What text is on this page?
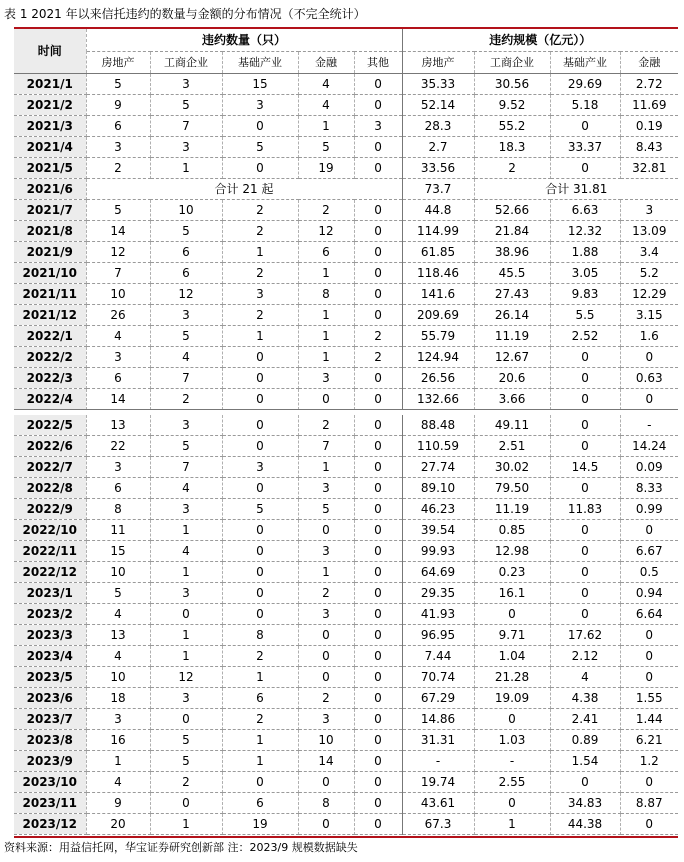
表 1 2021 年以来信托违约的数量与金额的分布情况（不完全统计）
时间	违约数量（只）					违约规模（亿元））			
	房地产	工商企业	基础产业	金融	其他	房地产	工商企业	基础产业	金融
2021/1	5	3	15	4	0	35.33	30.56	29.69	2.72
2021/2	9	5	3	4	0	52.14	9.52	5.18	11.69
2021/3	6	7	0	1	3	28.3	55.2	0	0.19
2021/4	3	3	5	5	0	2.7	18.3	33.37	8.43
2021/5	2	1	0	19	0	33.56	2	0	32.81
2021/6	合计 21 起					73.7	合计 31.81		
2021/7	5	10	2	2	0	44.8	52.66	6.63	3
2021/8	14	5	2	12	0	114.99	21.84	12.32	13.09
2021/9	12	6	1	6	0	61.85	38.96	1.88	3.4
2021/10	7	6	2	1	0	118.46	45.5	3.05	5.2
2021/11	10	12	3	8	0	141.6	27.43	9.83	12.29
2021/12	26	3	2	1	0	209.69	26.14	5.5	3.15
2022/1	4	5	1	1	2	55.79	11.19	2.52	1.6
2022/2	3	4	0	1	2	124.94	12.67	0	0
2022/3	6	7	0	3	0	26.56	20.6	0	0.63
2022/4	14	2	0	0	0	132.66	3.66	0	0
2022/5	13	3	0	2	0	88.48	49.11	0	-
2022/6	22	5	0	7	0	110.59	2.51	0	14.24
2022/7	3	7	3	1	0	27.74	30.02	14.5	0.09
2022/8	6	4	0	3	0	89.10	79.50	0	8.33
2022/9	8	3	5	5	0	46.23	11.19	11.83	0.99
2022/10	11	1	0	0	0	39.54	0.85	0	0
2022/11	15	4	0	3	0	99.93	12.98	0	6.67
2022/12	10	1	0	1	0	64.69	0.23	0	0.5
2023/1	5	3	0	2	0	29.35	16.1	0	0.94
2023/2	4	0	0	3	0	41.93	0	0	6.64
2023/3	13	1	8	0	0	96.95	9.71	17.62	0
2023/4	4	1	2	0	0	7.44	1.04	2.12	0
2023/5	10	12	1	0	0	70.74	21.28	4	0
2023/6	18	3	6	2	0	67.29	19.09	4.38	1.55
2023/7	3	0	2	3	0	14.86	0	2.41	1.44
2023/8	16	5	1	10	0	31.31	1.03	0.89	6.21
2023/9	1	5	1	14	0	-	-	1.54	1.2
2023/10	4	2	0	0	0	19.74	2.55	0	0
2023/11	9	0	6	8	0	43.61	0	34.83	8.87
2023/12	20	1	19	0	0	67.3	1	44.38	0
资料来源：用益信托网，华宝证券研究创新部 注：2023/9 规模数据缺失
